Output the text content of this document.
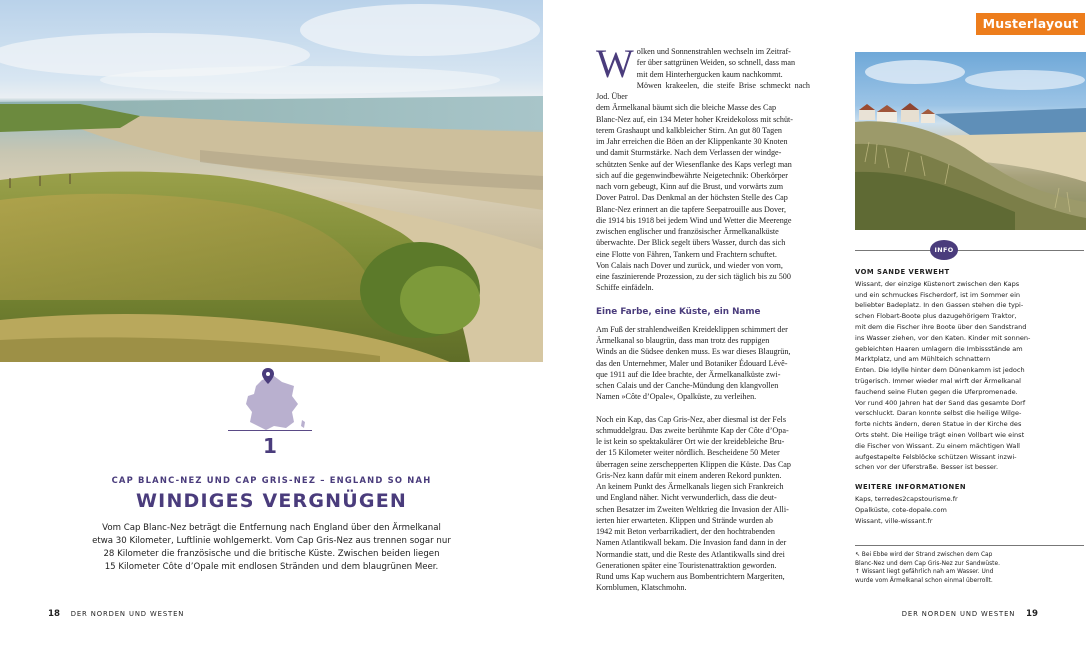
1
CAP BLANC-NEZ UND CAP GRIS-NEZ – ENGLAND SO NAH
WINDIGES VERGNÜGEN
Vom Cap Blanc-Nez beträgt die Entfernung nach England über den Ärmelkanal
etwa 30 Kilometer, Luftlinie wohlgemerkt. Vom Cap Gris-Nez aus trennen sogar nur
28 Kilometer die französische und die britische Küste. Zwischen beiden liegen
15 Kilometer Côte d’Opale mit endlosen Stränden und dem blaugrünen Meer.
18 DER NORDEN UND WESTEN
W olken und Sonnenstrahlen wechseln im Zeitraf-
fer über sattgrünen Weiden, so schnell, dass man
mit dem Hinterhergucken kaum nachkommt.
Möwen krakeelen, die steife Brise schmeckt nach Jod. Über
dem Ärmelkanal bäumt sich die bleiche Masse des Cap
Blanc-Nez auf, ein 134 Meter hoher Kreidekoloss mit schüt-
terem Grashaupt und kalkbleicher Stirn. An gut 80 Tagen
im Jahr erreichen die Böen an der Klippenkante 30 Knoten
und damit Sturmstärke. Nach dem Verlassen der windge-
schützten Senke auf der Wiesenflanke des Kaps verlegt man
sich auf die gegenwindbewährte Neigetechnik: Oberkörper
nach vorn gebeugt, Kinn auf die Brust, und vorwärts zum
Dover Patrol. Das Denkmal an der höchsten Stelle des Cap
Blanc-Nez erinnert an die tapfere Seepatrouille aus Dover,
die 1914 bis 1918 bei jedem Wind und Wetter die Meerenge
zwischen englischer und französischer Ärmelkanalküste
überwachte. Der Blick segelt übers Wasser, durch das sich
eine Flotte von Fähren, Tankern und Frachtern schuftet.
Von Calais nach Dover und zurück, und wieder von vorn,
eine faszinierende Prozession, zu der sich täglich bis zu 500
Schiffe einfädeln.
Eine Farbe, eine Küste, ein Name
Am Fuß der strahlendweißen Kreideklippen schimmert der
Ärmelkanal so blaugrün, dass man trotz des ruppigen
Winds an die Südsee denken muss. Es war dieses Blaugrün,
das den Unternehmer, Maler und Botaniker Édouard Lévê-
que 1911 auf die Idee brachte, der Ärmelkanalküste zwi-
schen Calais und der Canche-Mündung den klangvollen
Namen »Côte d’Opale«, Opalküste, zu verleihen.
Noch ein Kap, das Cap Gris-Nez, aber diesmal ist der Fels
schmuddelgrau. Das zweite berühmte Kap der Côte d’Opa-
le ist kein so spektakulärer Ort wie der kreidebleiche Bru-
der 15 Kilometer weiter nördlich. Bescheidene 50 Meter
überragen seine zerschepperten Klippen die Küste. Das Cap
Gris-Nez kann dafür mit einem anderen Rekord punkten.
An keinem Punkt des Ärmelkanals liegen sich Frankreich
und England näher. Nicht verwunderlich, dass die deut-
schen Besatzer im Zweiten Weltkrieg die Invasion der Alli-
ierten hier erwarteten. Klippen und Strände wurden ab
1942 mit Beton verbarrikadiert, der den hochtrabenden
Namen Atlantikwall bekam. Die Invasion fand dann in der
Normandie statt, und die Reste des Atlantikwalls sind drei
Generationen später eine Touristenattraktion geworden.
Rund ums Kap wuchern aus Bombentrichtern Margeriten,
Kornblumen, Klatschmohn.
Musterlayout
INFO
VOM SANDE VERWEHT
Wissant, der einzige Küstenort zwischen den Kaps
und ein schmuckes Fischerdorf, ist im Sommer ein
beliebter Badeplatz. In den Gassen stehen die typi-
schen Flobart-Boote plus dazugehörigem Traktor,
mit dem die Fischer ihre Boote über den Sandstrand
ins Wasser ziehen, vor den Katen. Kinder mit sonnen-
gebleichten Haaren umlagern die Imbissstände am
Marktplatz, und am Mühlteich schnattern
Enten. Die Idylle hinter dem Dünenkamm ist jedoch
trügerisch. Immer wieder mal wirft der Ärmelkanal
fauchend seine Fluten gegen die Uferpromenade.
Vor rund 400 Jahren hat der Sand das gesamte Dorf
verschluckt. Daran konnte selbst die heilige Wilge-
forte nichts ändern, deren Statue in der Kirche des
Orts steht. Die Heilige trägt einen Vollbart wie einst
die Fischer von Wissant. Zu einem mächtigen Wall
aufgestapelte Felsblöcke schützen Wissant inzwi-
schen vor der Uferstraße. Besser ist besser.
WEITERE INFORMATIONEN
Kaps, terredes2capstourisme.fr
Opalküste, cote-dopale.com
Wissant, ville-wissant.fr
↖ Bei Ebbe wird der Strand zwischen dem Cap
Blanc-Nez und dem Cap Gris-Nez zur Sandwüste.
↑ Wissant liegt gefährlich nah am Wasser. Und
wurde vom Ärmelkanal schon einmal überrollt.
DER NORDEN UND WESTEN 19
